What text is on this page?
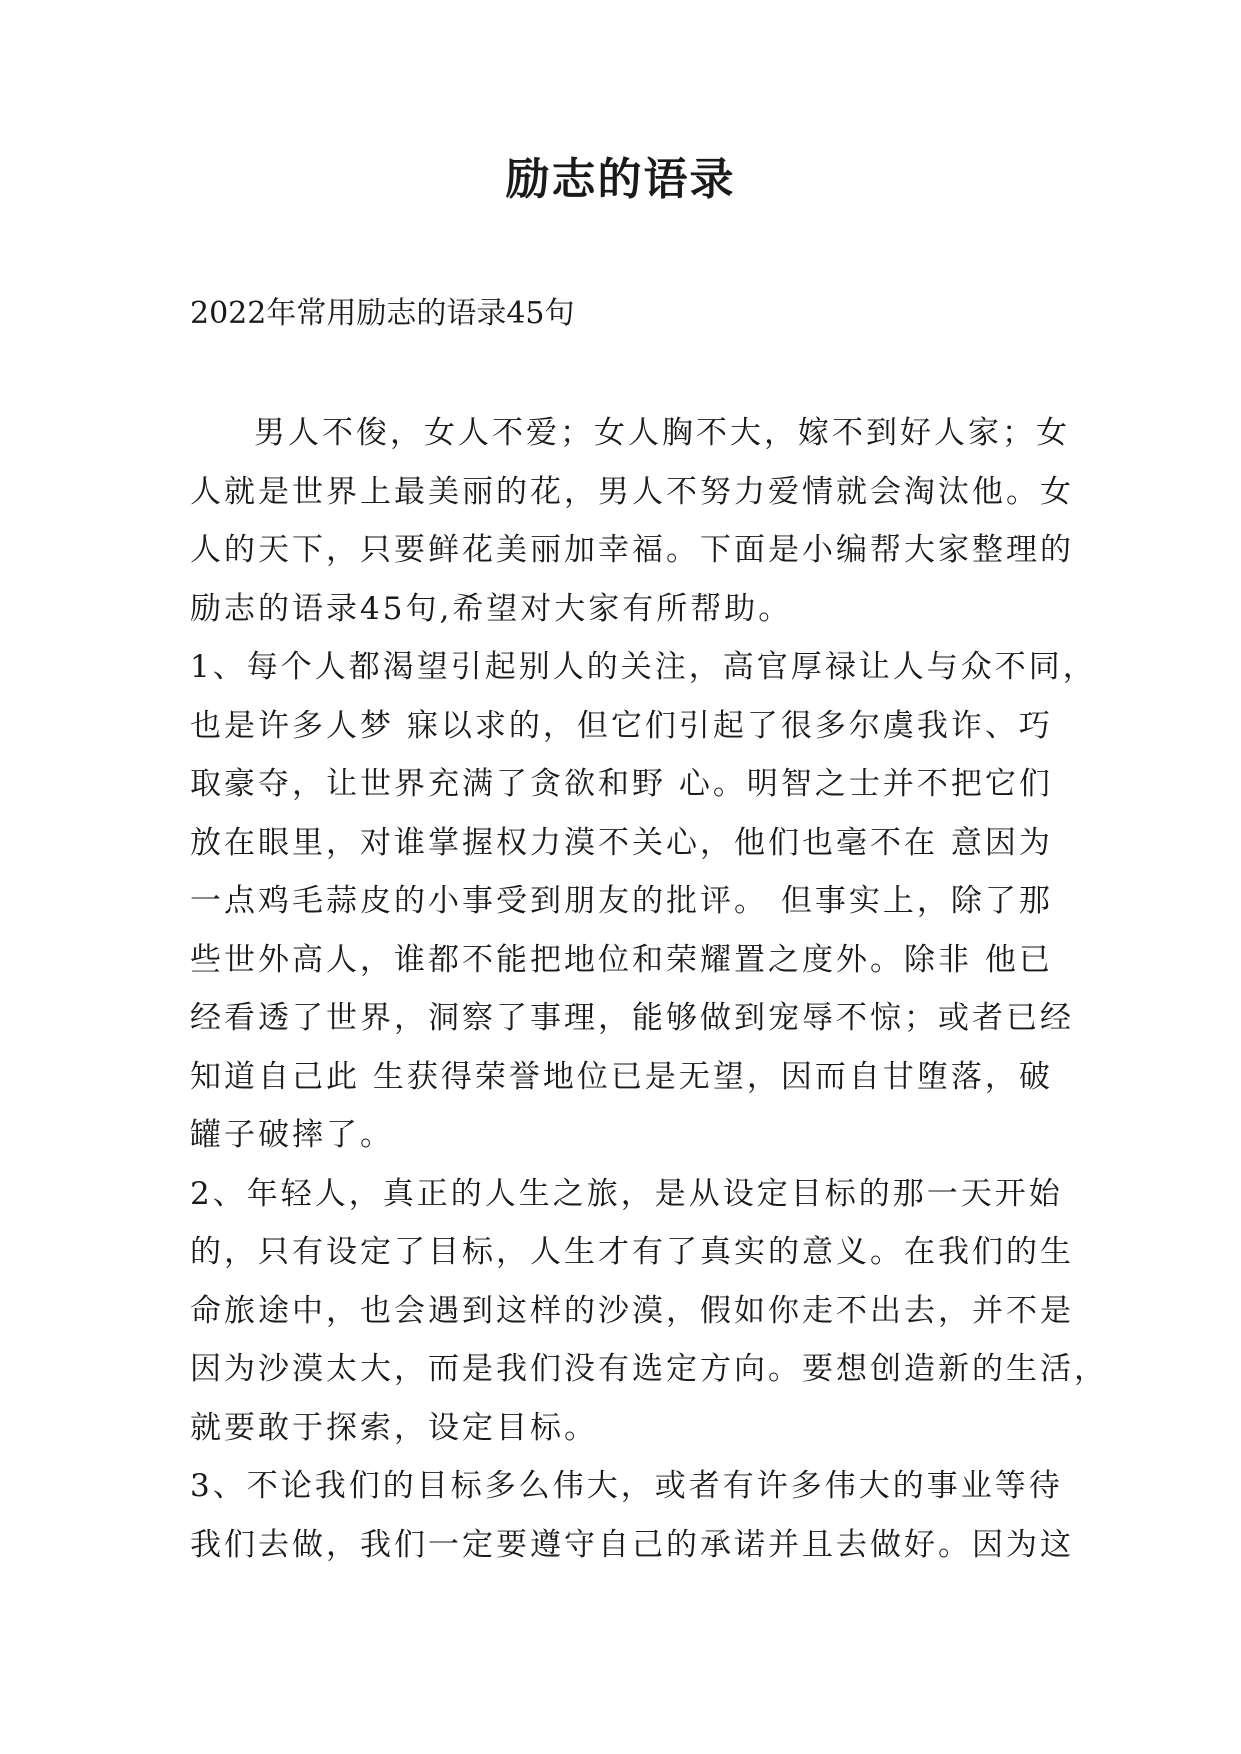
励志的语录

2022年常用励志的语录45句

男人不俊，女人不爱；女人胸不大，嫁不到好人家；女
人就是世界上最美丽的花，男人不努力爱情就会淘汰他。女
人的天下，只要鲜花美丽加幸福。下面是小编帮大家整理的
励志的语录45句,希望对大家有所帮助。
1、每个人都渴望引起别人的关注，高官厚禄让人与众不同，
也是许多人梦 寐以求的，但它们引起了很多尔虞我诈、巧
取豪夺，让世界充满了贪欲和野 心。明智之士并不把它们
放在眼里，对谁掌握权力漠不关心，他们也毫不在 意因为
一点鸡毛蒜皮的小事受到朋友的批评。 但事实上，除了那
些世外高人，谁都不能把地位和荣耀置之度外。除非 他已
经看透了世界，洞察了事理，能够做到宠辱不惊；或者已经
知道自己此 生获得荣誉地位已是无望，因而自甘堕落，破
罐子破摔了。
2、年轻人，真正的人生之旅，是从设定目标的那一天开始
的，只有设定了目标，人生才有了真实的意义。在我们的生
命旅途中，也会遇到这样的沙漠，假如你走不出去，并不是
因为沙漠太大，而是我们没有选定方向。要想创造新的生活，
就要敢于探索，设定目标。
3、不论我们的目标多么伟大，或者有许多伟大的事业等待
我们去做，我们一定要遵守自己的承诺并且去做好。因为这
